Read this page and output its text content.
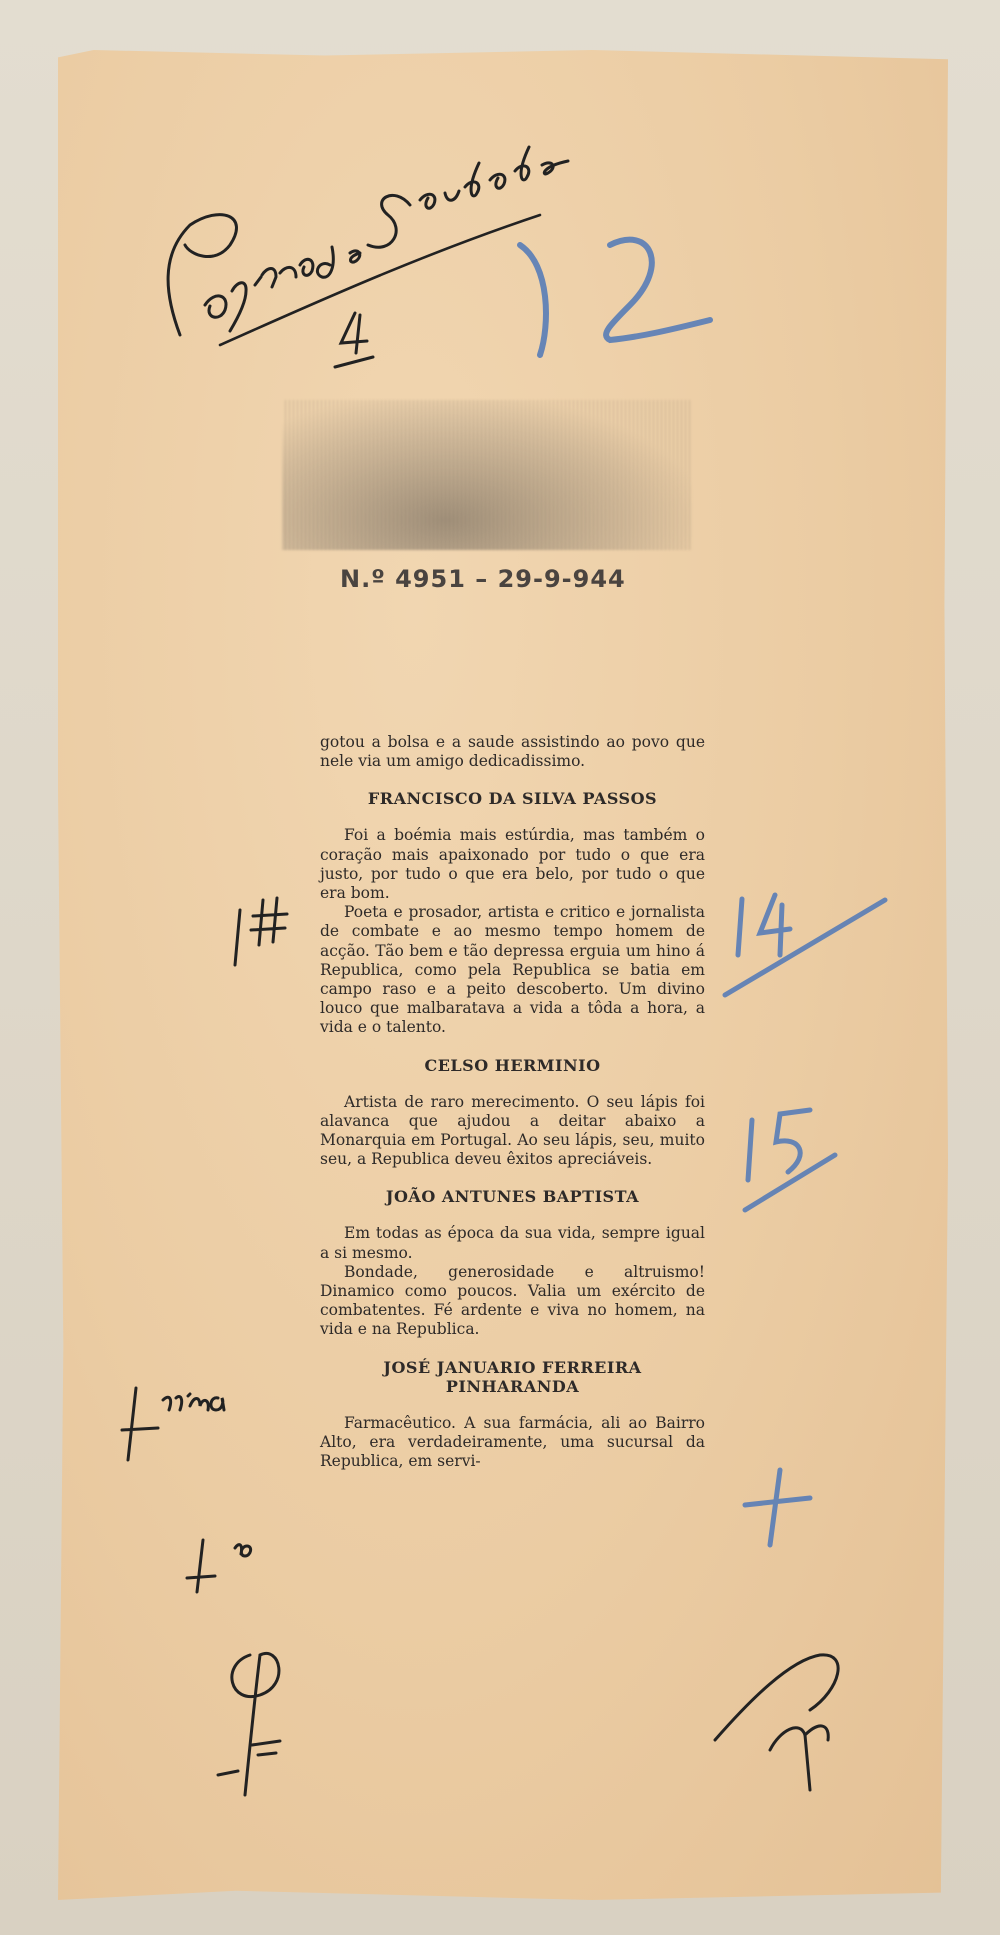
N.º 4951 – 29-9-944

gotou a bolsa e a saude assistindo ao povo que nele via um amigo dedicadissimo.

FRANCISCO DA SILVA PASSOS

Foi a boémia mais estúrdia, mas também o coração mais apaixonado por tudo o que era justo, por tudo o que era belo, por tudo o que era bom.

Poeta e prosador, artista e critico e jornalista de combate e ao mesmo tempo homem de acção. Tão bem e tão depressa erguia um hino á Republica, como pela Republica se batia em campo raso e a peito descoberto. Um divino louco que malbaratava a vida a tôda a hora, a vida e o talento.

CELSO HERMINIO

Artista de raro merecimento. O seu lápis foi alavanca que ajudou a deitar abaixo a Monarquia em Portugal. Ao seu lápis, seu, muito seu, a Republica deveu êxitos apreciáveis.

JOÃO ANTUNES BAPTISTA

Em todas as época da sua vida, sempre igual a si mesmo.

Bondade, generosidade e altruismo! Dinamico como poucos. Valia um exército de combatentes. Fé ardente e viva no homem, na vida e na Republica.

JOSÉ JANUARIO FERREIRA PINHARANDA

Farmacêutico. A sua farmácia, ali ao Bairro Alto, era verdadeiramente, uma sucursal da Republica, em servi-
